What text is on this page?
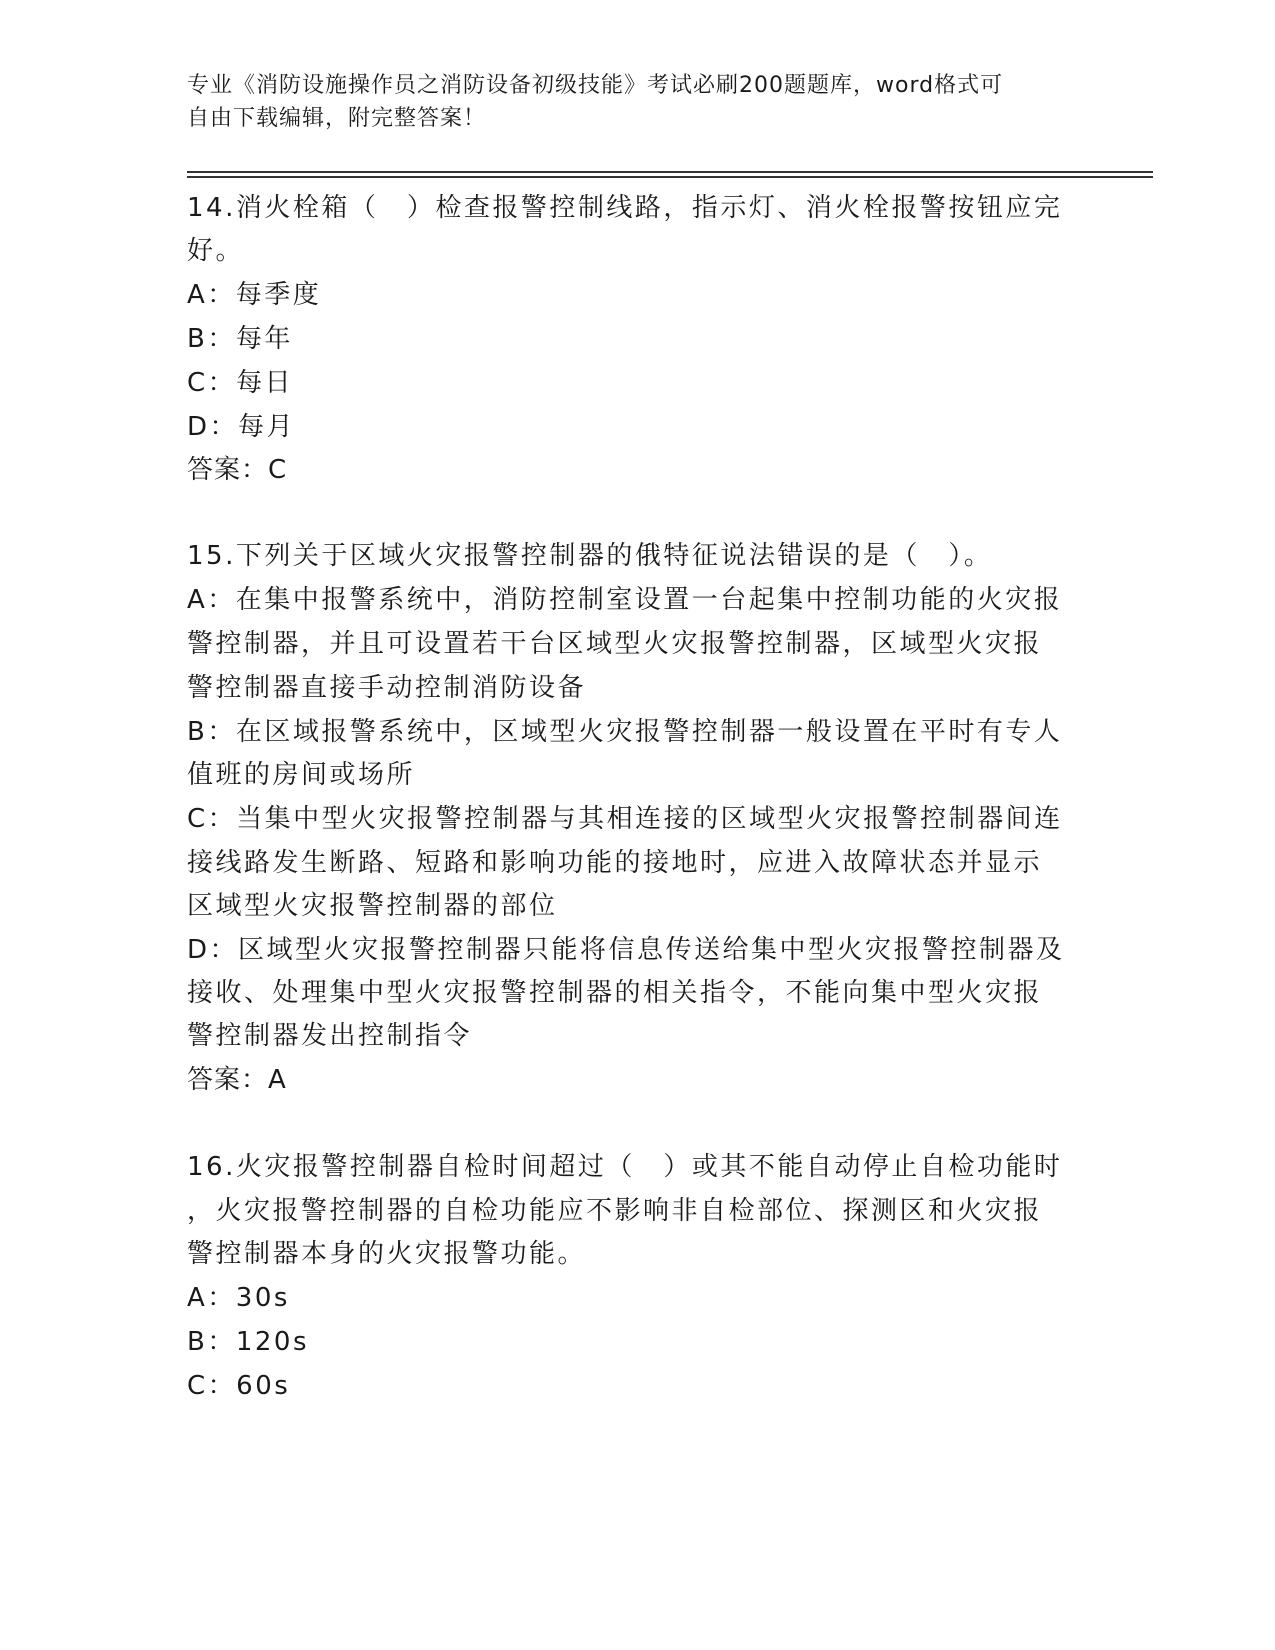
专业《消防设施操作员之消防设备初级技能》考试必刷200题题库，word格式可
自由下载编辑，附完整答案！
14.消火栓箱（　）检查报警控制线路，指示灯、消火栓报警按钮应完
好。
A：每季度
B：每年
C：每日
D：每月
答案：C
15.下列关于区域火灾报警控制器的俄特征说法错误的是（　）。
A：在集中报警系统中，消防控制室设置一台起集中控制功能的火灾报
警控制器，并且可设置若干台区域型火灾报警控制器，区域型火灾报
警控制器直接手动控制消防设备
B：在区域报警系统中，区域型火灾报警控制器一般设置在平时有专人
值班的房间或场所
C：当集中型火灾报警控制器与其相连接的区域型火灾报警控制器间连
接线路发生断路、短路和影响功能的接地时，应进入故障状态并显示
区域型火灾报警控制器的部位
D：区域型火灾报警控制器只能将信息传送给集中型火灾报警控制器及
接收、处理集中型火灾报警控制器的相关指令，不能向集中型火灾报
警控制器发出控制指令
答案：A
16.火灾报警控制器自检时间超过（　）或其不能自动停止自检功能时
，火灾报警控制器的自检功能应不影响非自检部位、探测区和火灾报
警控制器本身的火灾报警功能。
A：30s
B：120s
C：60s
